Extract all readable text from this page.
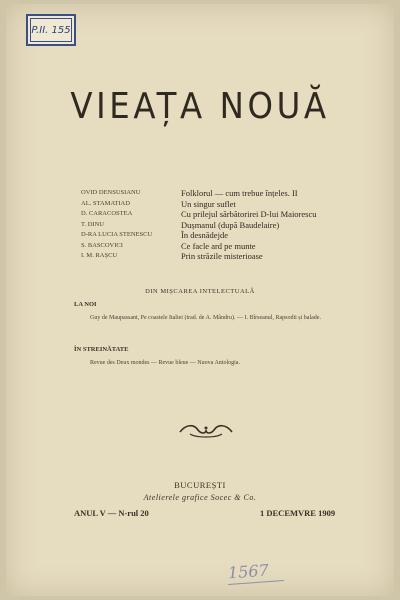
P.II. 155
VIEAȚA NOUĂ
OVID DENSUSIANU	Folklorul — cum trebue înțeles. II
AL. STAMATIAD	Un singur suflet
D. CARACOSTEA	Cu prilejul sărbătorirei D-lui Maiorescu
T. DINU	Dușmanul (după Baudelaire)
D-RA LUCIA STENESCU	În desnădejde
S. BASCOVICI	Ce facle ard pe munte
I. M. RAȘCU	Prin străzile misterioase
DIN MIȘCAREA INTELECTUALĂ
LA NOI
Guy de Maupassant, Pe coastele Italiei (trad. de A. Mândru). — I. Bîrseanul, Rapsodii și balade.
ÎN STREINĂTATE
Revue des Deux mondes — Revue bleue — Nuova Antologia.
BUCUREȘTI
Atelierele grafice Socec & Co.
ANUL V — N-rul 20	1 DECEMVRE 1909
1567
